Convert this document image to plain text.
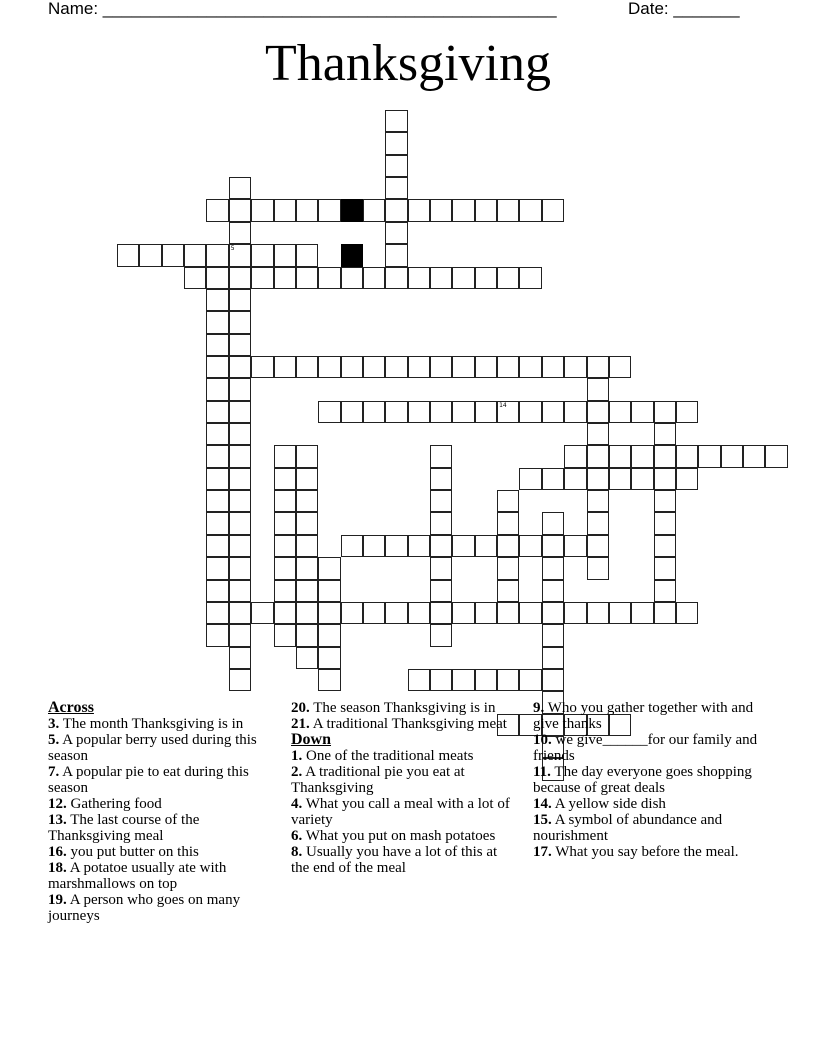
Name: ________________________________________________	Date: _______
Thanksgiving
5
3
14
Across
3. The month Thanksgiving is in
5. A popular berry used during this season
7. A popular pie to eat during this season
12. Gathering food
13. The last course of the Thanksgiving meal
16. you put butter on this
18. A potatoe usually ate with marshmallows on top
19. A person who goes on many journeys
20. The season Thanksgiving is in
21. A traditional Thanksgiving meat
Down
1. One of the traditional meats
2. A traditional pie you eat at Thanksgiving
4. What you call a meal with a lot of variety
6. What you put on mash potatoes
8. Usually you have a lot of this at the end of the meal
9. Who you gather together with and give thanks
10. we give______for our family and friends
11. The day everyone goes shopping because of great deals
14. A yellow side dish
15. A symbol of abundance and nourishment
17. What you say before the meal.
